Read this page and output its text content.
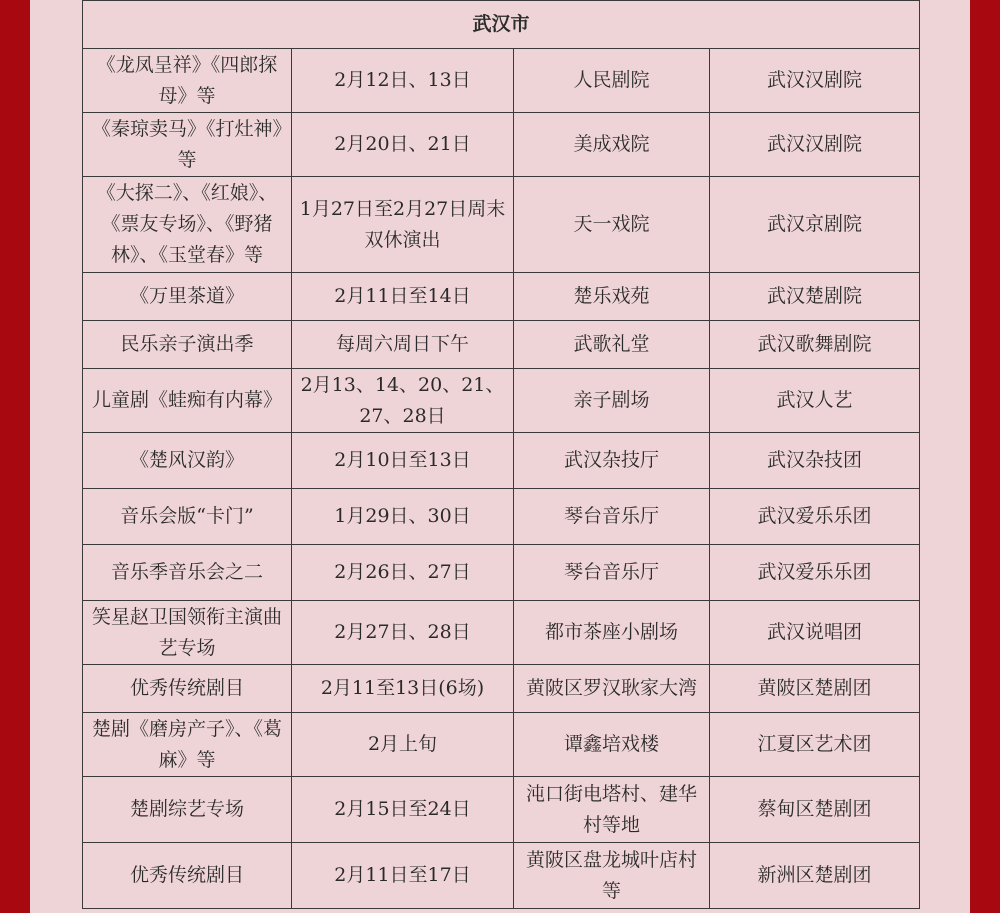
武汉市			
《龙凤呈祥》《四郎探母》等	2月12日、13日	人民剧院	武汉汉剧院
《秦琼卖马》《打灶神》等	2月20日、21日	美成戏院	武汉汉剧院
《大探二》、《红娘》、《票友专场》、《野猪林》、《玉堂春》等	1月27日至2月27日周末双休演出	天一戏院	武汉京剧院
《万里茶道》	2月11日至14日	楚乐戏苑	武汉楚剧院
民乐亲子演出季	每周六周日下午	武歌礼堂	武汉歌舞剧院
儿童剧《蛙痴有内幕》	2月13、14、20、21、27、28日	亲子剧场	武汉人艺
《楚风汉韵》	2月10日至13日	武汉杂技厅	武汉杂技团
音乐会版“卡门”	1月29日、30日	琴台音乐厅	武汉爱乐乐团
音乐季音乐会之二	2月26日、27日	琴台音乐厅	武汉爱乐乐团
笑星赵卫国领衔主演曲艺专场	2月27日、28日	都市茶座小剧场	武汉说唱团
优秀传统剧目	2月11至13日(6场)	黄陂区罗汉耿家大湾	黄陂区楚剧团
楚剧《磨房产子》、《葛麻》等	2月上旬	谭鑫培戏楼	江夏区艺术团
楚剧综艺专场	2月15日至24日	沌口街电塔村、建华村等地	蔡甸区楚剧团
优秀传统剧目	2月11日至17日	黄陂区盘龙城叶店村等	新洲区楚剧团
